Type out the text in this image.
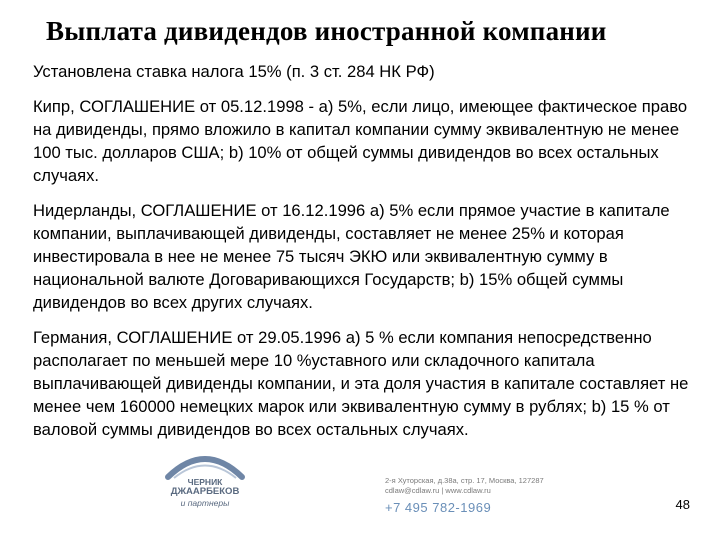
Выплата дивидендов иностранной компании

Установлена ставка налога 15% (п. 3 ст. 284 НК РФ)

Кипр, СОГЛАШЕНИЕ от 05.12.1998 - а) 5%, если лицо, имеющее фактическое право на дивиденды, прямо вложило в капитал компании сумму эквивалентную не менее 100 тыс. долларов США; b) 10% от общей суммы дивидендов во всех остальных случаях.

Нидерланды, СОГЛАШЕНИЕ от 16.12.1996 а) 5% если прямое участие в капитале компании, выплачивающей дивиденды, составляет не менее 25% и которая инвестировала в нее не менее 75 тысяч ЭКЮ или эквивалентную сумму в национальной валюте Договаривающихся Государств; b) 15% общей суммы дивидендов во всех других случаях.

Германия, СОГЛАШЕНИЕ от 29.05.1996 а) 5 % если компания непосредственно располагает по меньшей мере 10 %уставного или складочного капитала выплачивающей дивиденды компании, и эта доля участия в капитале составляет не менее чем 160000 немецких марок или эквивалентную сумму в рублях; b) 15 % от валовой суммы дивидендов во всех остальных случаях.

ЧЕРНИК
ДЖААРБЕКОВ
и партнеры
2-я Хуторская, д.38а, стр. 17, Москва, 127287
cdlaw@cdlaw.ru | www.cdlaw.ru
+7 495 782-1969	48
